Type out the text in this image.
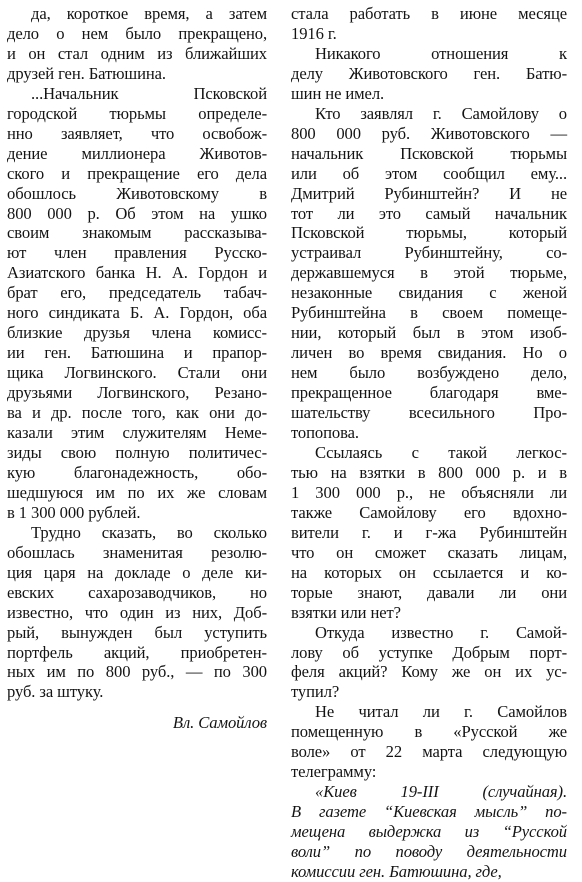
да, короткое время, а затем
дело о нем было прекращено,
и он стал одним из ближайших
друзей ген. Батюшина.
...Начальник Псковской
городской тюрьмы определе-
нно заявляет, что освобож-
дение миллионера Животов-
ского и прекращение его дела
обошлось Животовскому в
800 000 р. Об этом на ушко
своим знакомым рассказыва-
ют член правления Русско-
Азиатского банка Н. А. Гордон и
брат его, председатель табач-
ного синдиката Б. А. Гордон, оба
близкие друзья члена комисс-
ии ген. Батюшина и прапор-
щика Логвинского. Стали они
друзьями Логвинского, Резано-
ва и др. после того, как они до-
казали этим служителям Неме-
зиды свою полную политичес-
кую благонадежность, обо-
шедшуюся им по их же словам
в 1 300 000 рублей.
Трудно сказать, во сколько
обошлась знаменитая резолю-
ция царя на докладе о деле ки-
евских сахарозаводчиков, но
известно, что один из них, Доб-
рый, вынужден был уступить
портфель акций, приобретен-
ных им по 800 руб., — по 300
руб. за штуку.
Вл. Самойлов
стала работать в июне месяце
1916 г.
Никакого отношения к
делу Животовского ген. Батю-
шин не имел.
Кто заявлял г. Самойлову о
800 000 руб. Животовского —
начальник Псковской тюрьмы
или об этом сообщил ему...
Дмитрий Рубинштейн? И не
тот ли это самый начальник
Псковской тюрьмы, который
устраивал Рубинштейну, со-
державшемуся в этой тюрьме,
незаконные свидания с женой
Рубинштейна в своем помеще-
нии, который был в этом изоб-
личен во время свидания. Но о
нем было возбуждено дело,
прекращенное благодаря вме-
шательству всесильного Про-
топопова.
Ссылаясь с такой легкос-
тью на взятки в 800 000 р. и в
1 300 000 р., не объясняли ли
также Самойлову его вдохно-
вители г. и г-жа Рубинштейн
что он сможет сказать лицам,
на которых он ссылается и ко-
торые знают, давали ли они
взятки или нет?
Откуда известно г. Самой-
лову об уступке Добрым порт-
феля акций? Кому же он их ус-
тупил?
Не читал ли г. Самойлов
помещенную в «Русской же
воле» от 22 марта следующую
телеграмму:
«Киев 19-III (случайная).
В газете “Киевская мысль” по-
мещена выдержка из “Русской
воли” по поводу деятельности
комиссии ген. Батюшина, где,
